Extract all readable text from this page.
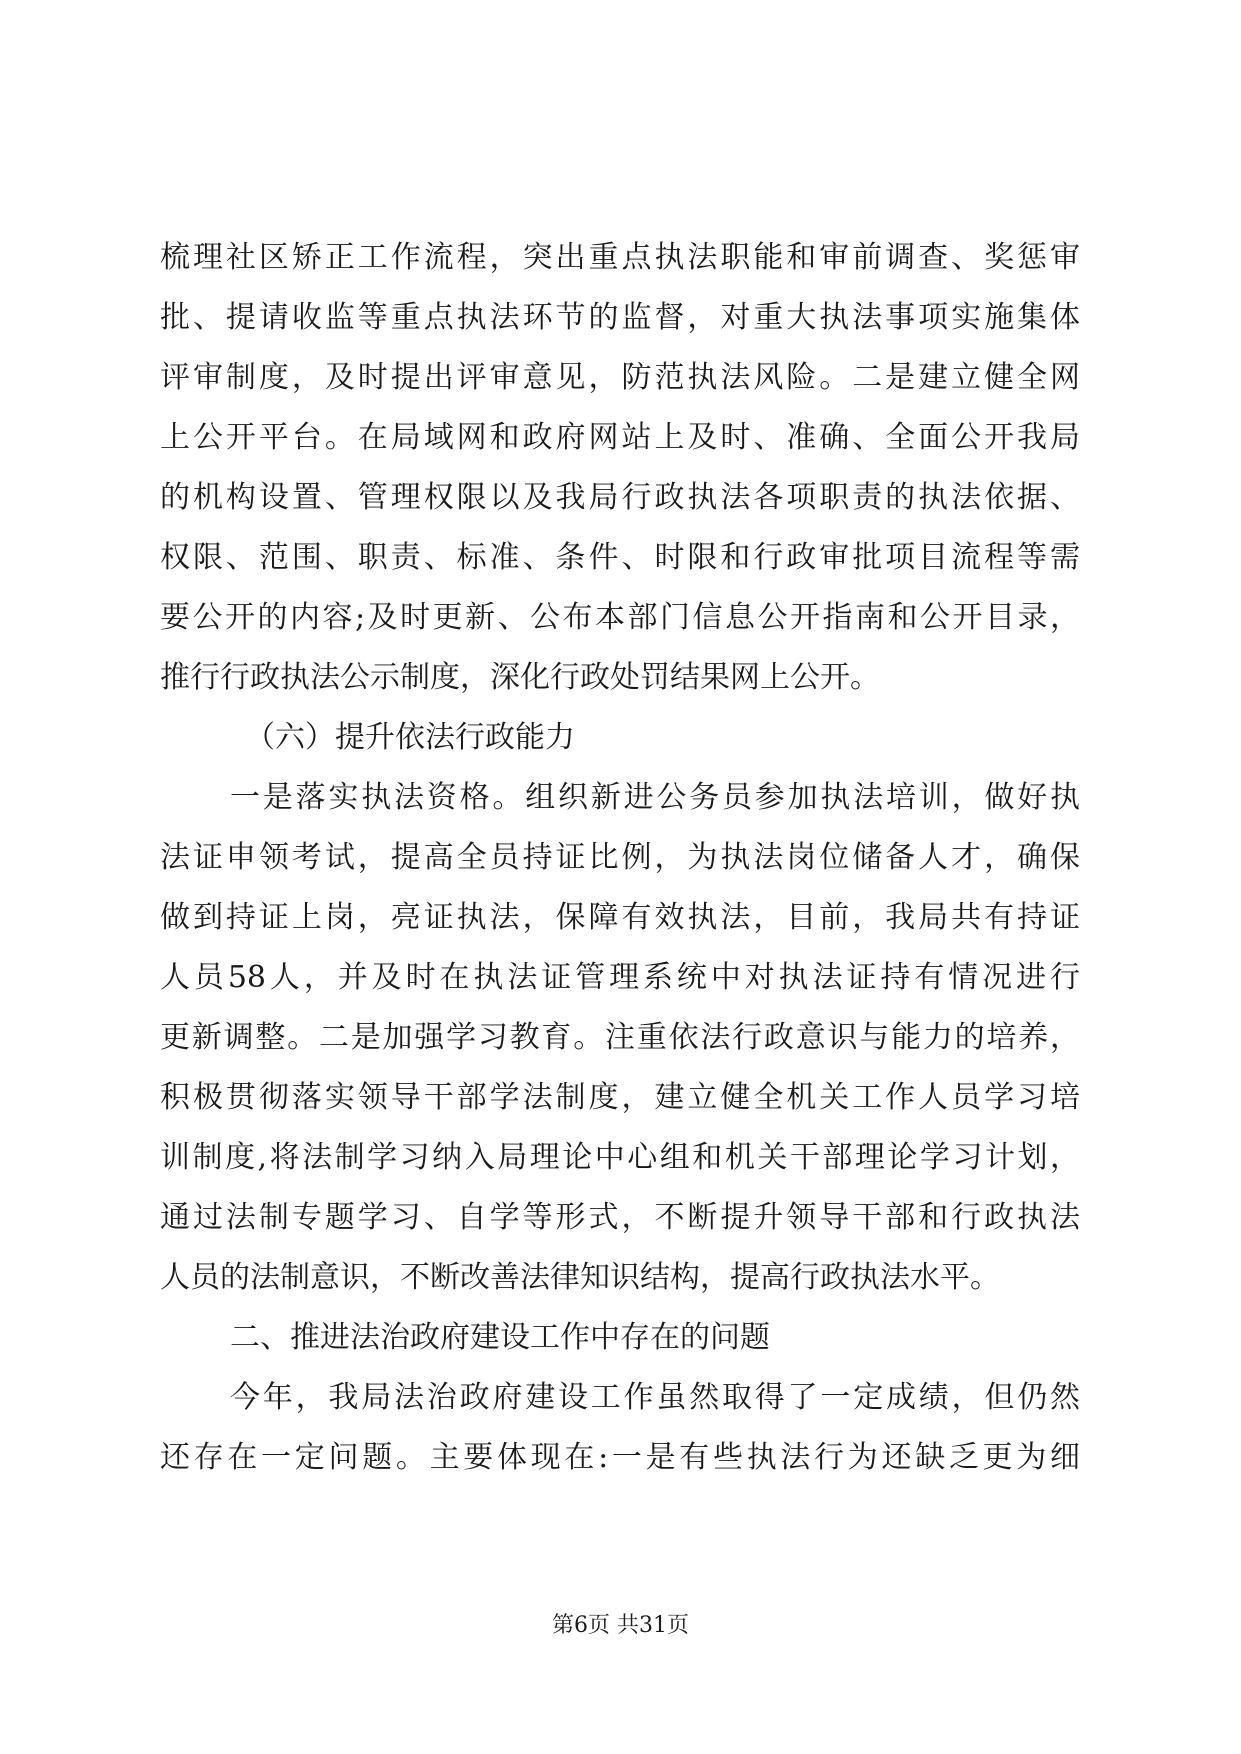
梳理社区矫正工作流程，突出重点执法职能和审前调查、奖惩审
批、提请收监等重点执法环节的监督，对重大执法事项实施集体
评审制度，及时提出评审意见，防范执法风险。二是建立健全网
上公开平台。在局域网和政府网站上及时、准确、全面公开我局
的机构设置、管理权限以及我局行政执法各项职责的执法依据、
权限、范围、职责、标准、条件、时限和行政审批项目流程等需
要公开的内容;及时更新、公布本部门信息公开指南和公开目录，
推行行政执法公示制度，深化行政处罚结果网上公开。
（六）提升依法行政能力
一是落实执法资格。组织新进公务员参加执法培训，做好执
法证申领考试，提高全员持证比例，为执法岗位储备人才，确保
做到持证上岗，亮证执法，保障有效执法，目前，我局共有持证
人员58人，并及时在执法证管理系统中对执法证持有情况进行
更新调整。二是加强学习教育。注重依法行政意识与能力的培养，
积极贯彻落实领导干部学法制度，建立健全机关工作人员学习培
训制度,将法制学习纳入局理论中心组和机关干部理论学习计划，
通过法制专题学习、自学等形式，不断提升领导干部和行政执法
人员的法制意识，不断改善法律知识结构，提高行政执法水平。
二、推进法治政府建设工作中存在的问题
今年，我局法治政府建设工作虽然取得了一定成绩，但仍然
还存在一定问题。主要体现在:一是有些执法行为还缺乏更为细
第6页 共31页
